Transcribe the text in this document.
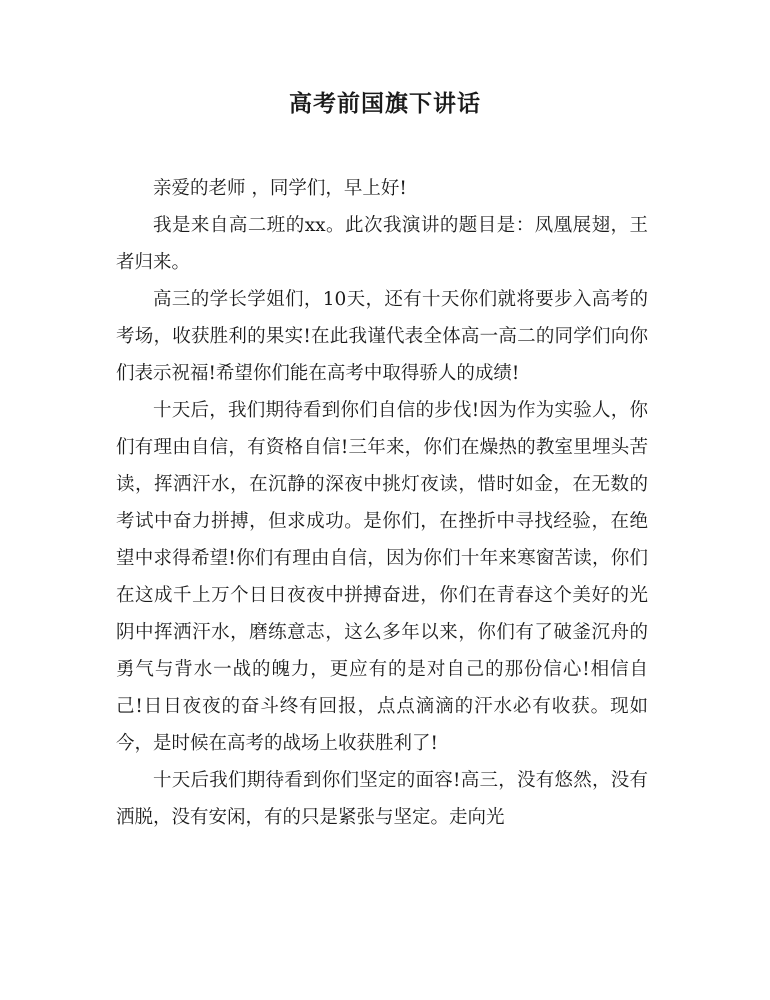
高考前国旗下讲话

亲爱的老师 ，同学们，早上好!

我是来自高二班的xx。此次我演讲的题目是：凤凰展翅，王者归来。

高三的学长学姐们，10天，还有十天你们就将要步入高考的考场，收获胜利的果实!在此我谨代表全体高一高二的同学们向你们表示祝福!希望你们能在高考中取得骄人的成绩!

十天后，我们期待看到你们自信的步伐!因为作为实验人，你们有理由自信，有资格自信!三年来，你们在燥热的教室里埋头苦读，挥洒汗水，在沉静的深夜中挑灯夜读，惜时如金，在无数的考试中奋力拼搏，但求成功。是你们，在挫折中寻找经验，在绝望中求得希望!你们有理由自信，因为你们十年来寒窗苦读，你们在这成千上万个日日夜夜中拼搏奋进，你们在青春这个美好的光阴中挥洒汗水，磨练意志，这么多年以来，你们有了破釜沉舟的勇气与背水一战的魄力，更应有的是对自己的那份信心!相信自己!日日夜夜的奋斗终有回报，点点滴滴的汗水必有收获。现如今，是时候在高考的战场上收获胜利了!

十天后我们期待看到你们坚定的面容!高三，没有悠然，没有洒脱，没有安闲，有的只是紧张与坚定。走向光
